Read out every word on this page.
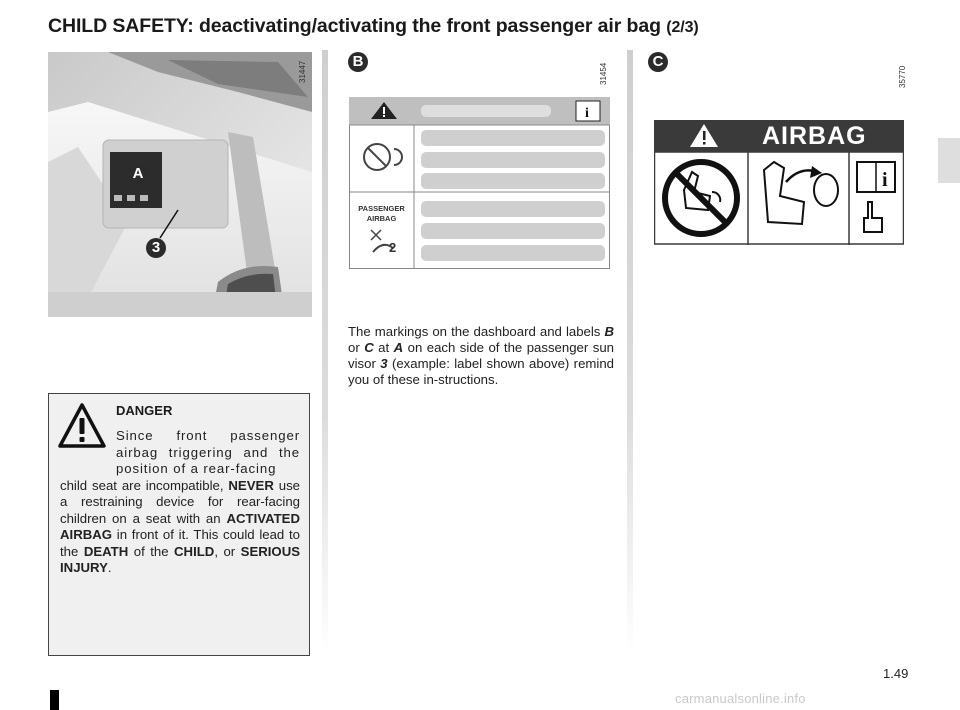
CHILD SAFETY: deactivating/activating the front passenger air bag (2/3)
A
3
31447	B
31454
i
PASSENGER
AIRBAG
2
C
35770
i
AIRBAG
The markings on the dashboard and labels B or C at A on each side of the passenger sun visor 3 (example: label shown above) remind you of these in-structions.
DANGER
Since front passenger airbag triggering and the position of a rear-facing
child seat are incompatible, NEVER use a restraining device for rear-facing children on a seat with an ACTIVATED AIRBAG in front of it. This could lead to the DEATH of the CHILD, or SERIOUS INJURY.
1.49
carmanualsonline.info
